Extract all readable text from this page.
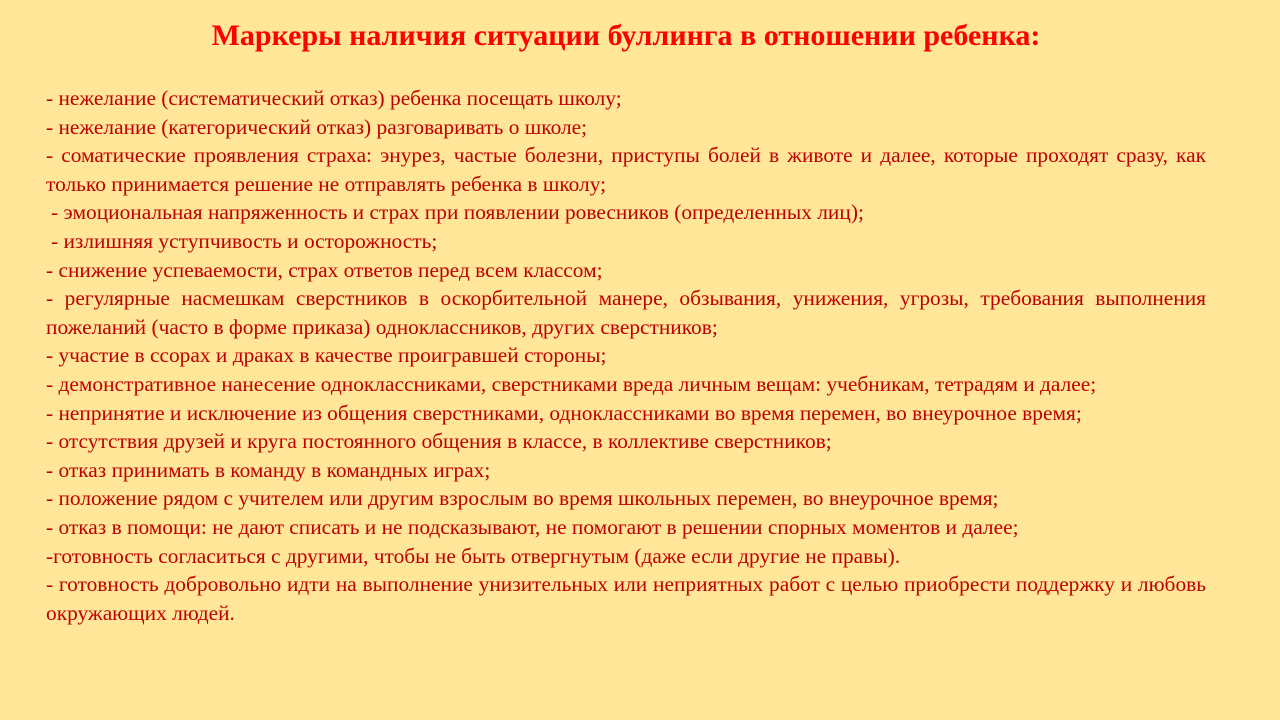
Маркеры наличия ситуации буллинга в отношении ребенка:

- нежелание (систематический отказ) ребенка посещать школу;

- нежелание (категорический отказ) разговаривать о школе;

- соматические проявления страха: энурез, частые болезни, приступы болей в животе и далее, которые проходят сразу, как только принимается решение не отправлять ребенка в школу;

- эмоциональная напряженность и страх при появлении ровесников (определенных лиц);

- излишняя уступчивость и осторожность;

- снижение успеваемости, страх ответов перед всем классом;

- регулярные насмешкам сверстников в оскорбительной манере, обзывания, унижения, угрозы, требования выполнения пожеланий (часто в форме приказа) одноклассников, других сверстников;

- участие в ссорах и драках в качестве проигравшей стороны;

- демонстративное нанесение одноклассниками, сверстниками вреда личным вещам: учебникам, тетрадям и далее;

- непринятие и исключение из общения сверстниками, одноклассниками во время перемен, во внеурочное время;

- отсутствия друзей и круга постоянного общения в классе, в коллективе сверстников;

- отказ принимать в команду в командных играх;

- положение рядом с учителем или другим взрослым во время школьных перемен, во внеурочное время;

- отказ в помощи: не дают списать и не подсказывают, не помогают в решении спорных моментов и далее;

-готовность согласиться с другими, чтобы не быть отвергнутым (даже если другие не правы).

- готовность добровольно идти на выполнение унизительных или неприятных работ с целью приобрести поддержку и любовь окружающих людей.
